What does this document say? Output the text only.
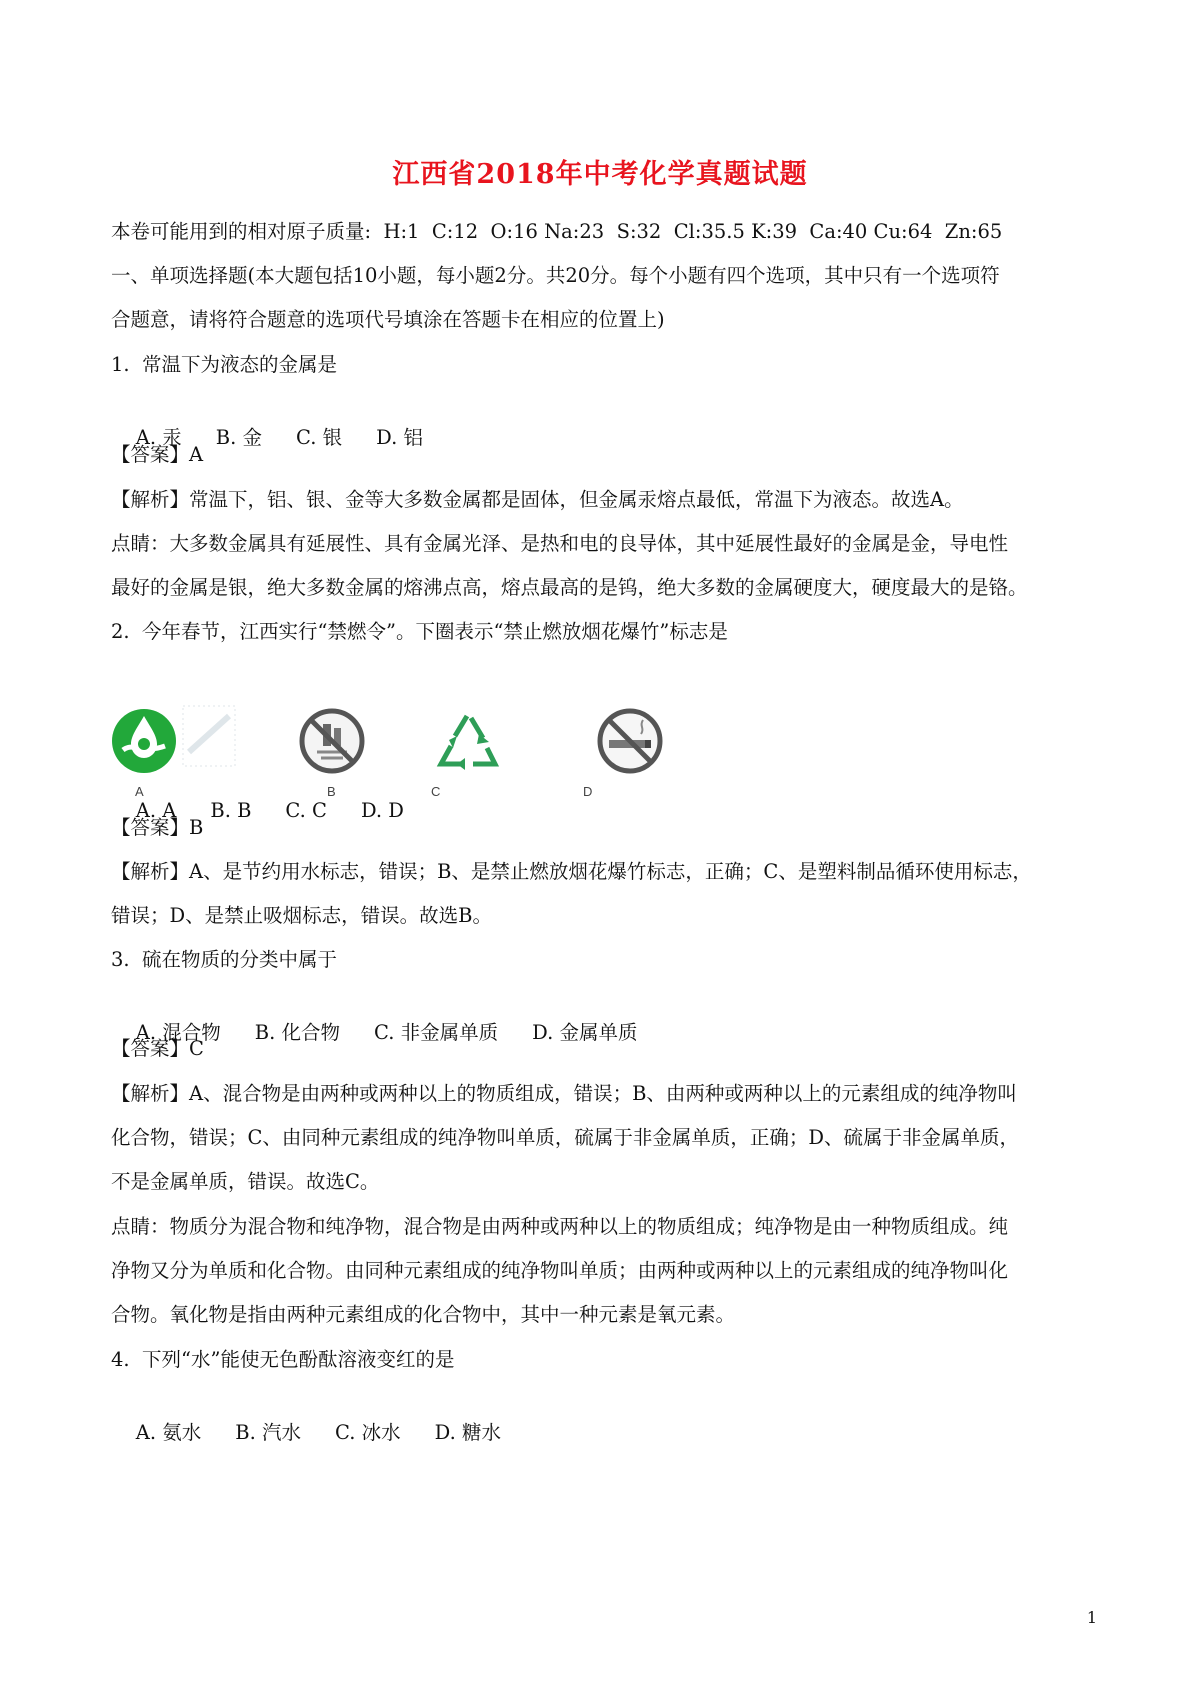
江西省2018年中考化学真题试题
本卷可能用到的相对原子质量:  H:1  C:12  O:16 Na:23  S:32  Cl:35.5 K:39  Ca:40 Cu:64  Zn:65
一、单项选择题(本大题包括10小题，每小题2分。共20分。每个小题有四个选项，其中只有一个选项符
合题意，请将符合题意的选项代号填涂在答题卡在相应的位置上)
1.  常温下为液态的金属是

A. 汞 B. 金 C. 银 D. 铝

【答案】A
【解析】常温下，铝、银、金等大多数金属都是固体，但金属汞熔点最低，常温下为液态。故选A。
点睛：大多数金属具有延展性、具有金属光泽、是热和电的良导体，其中延展性最好的金属是金，导电性
最好的金属是银，绝大多数金属的熔沸点高，熔点最高的是钨，绝大多数的金属硬度大，硬度最大的是铬。
2.  今年春节，江西实行“禁燃令”。下圈表示“禁止燃放烟花爆竹”标志是
A	B	C	D

A. A B. B C. C D. D

【答案】B
【解析】A、是节约用水标志，错误；B、是禁止燃放烟花爆竹标志，正确；C、是塑料制品循环使用标志，
错误；D、是禁止吸烟标志，错误。故选B。
3.  硫在物质的分类中属于

A. 混合物 B. 化合物 C. 非金属单质 D. 金属单质

【答案】C
【解析】A、混合物是由两种或两种以上的物质组成，错误；B、由两种或两种以上的元素组成的纯净物叫
化合物，错误；C、由同种元素组成的纯净物叫单质，硫属于非金属单质，正确；D、硫属于非金属单质，
不是金属单质，错误。故选C。
点睛：物质分为混合物和纯净物，混合物是由两种或两种以上的物质组成；纯净物是由一种物质组成。纯
净物又分为单质和化合物。由同种元素组成的纯净物叫单质；由两种或两种以上的元素组成的纯净物叫化
合物。氧化物是指由两种元素组成的化合物中，其中一种元素是氧元素。
4.  下列“水”能使无色酚酞溶液变红的是

A. 氨水 B. 汽水 C. 冰水 D. 糖水

1
